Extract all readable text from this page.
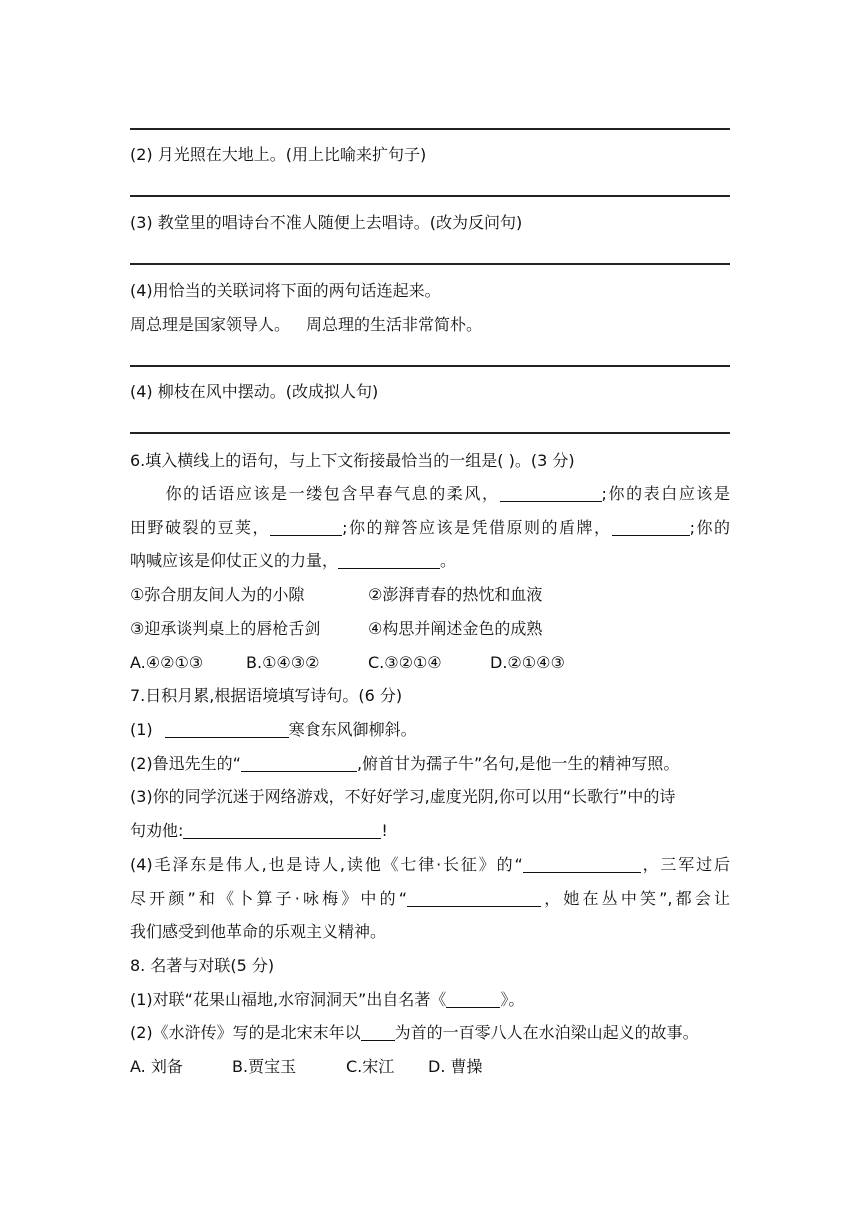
(2) 月光照在大地上。(用上比喻来扩句子)
(3) 教堂里的唱诗台不准人随便上去唱诗。(改为反问句)
(4)用恰当的关联词将下面的两句话连起来。
周总理是国家领导人。 周总理的生活非常简朴。
(4) 柳枝在风中摆动。(改成拟人句)
6.填入横线上的语句，与上下文衔接最恰当的一组是( )。(3 分)
你的话语应该是一缕包含早春气息的柔风，	;你的表白应该是
田野破裂的豆荚，	;你的辩答应该是凭借原则的盾牌，	;你的
呐喊应该是仰仗正义的力量，	。
①弥合朋友间人为的小隙	②澎湃青春的热忱和血液
③迎承谈判桌上的唇枪舌剑	④构思并阐述金色的成熟
A.④②①③	B.①④③②	C.③②①④	D.②①④③
7.日积月累,根据语境填写诗句。(6 分)
(1)	寒食东风御柳斜。
(2)鲁迅先生的“	,俯首甘为孺子牛”名句,是他一生的精神写照。
(3)你的同学沉迷于网络游戏，不好好学习,虚度光阴,你可以用“长歌行”中的诗
句劝他:	!
(4)毛泽东是伟人,也是诗人,读他《七律·长征》的“	，三军过后
尽开颜”和《卜算子·咏梅》中的“	，她在丛中笑”,都会让
我们感受到他革命的乐观主义精神。
8. 名著与对联(5 分)
(1)对联“花果山福地,水帘洞洞天”出自名著《	》。
(2)《水浒传》写的是北宋末年以 为首的一百零八人在水泊梁山起义的故事。
A. 刘备	B.贾宝玉	C.宋江 D. 曹操
